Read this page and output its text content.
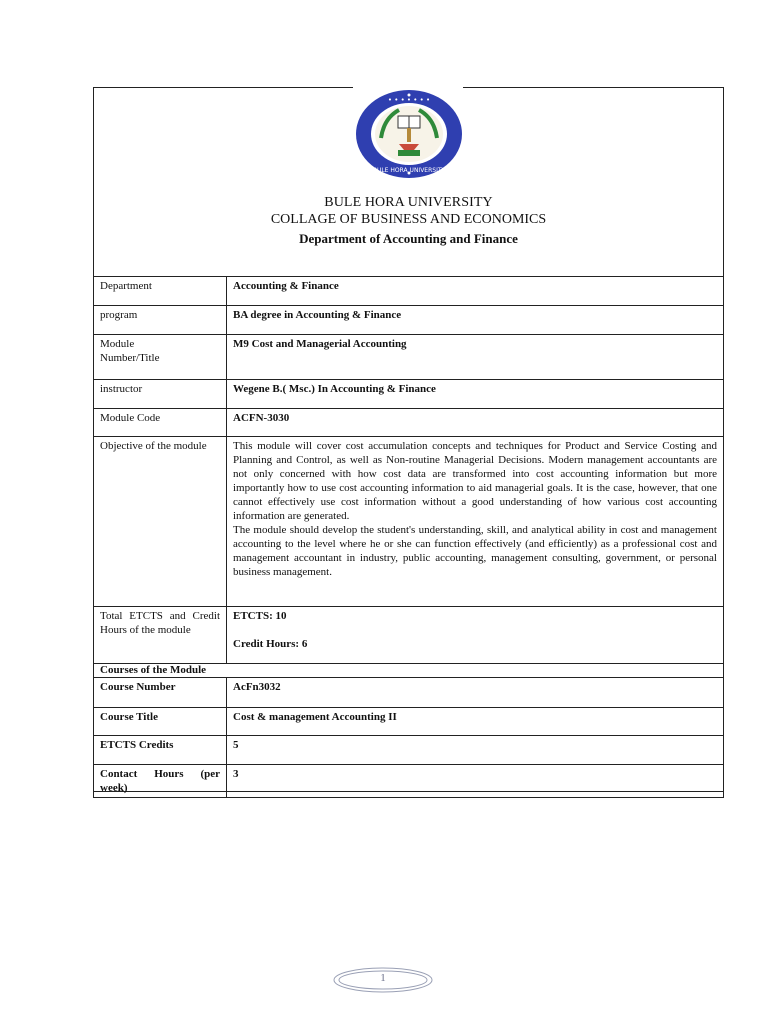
• • • • • • •
BULE HORA UNIVERSITY
BULE HORA UNIVERSITY
COLLAGE OF BUSINESS AND ECONOMICS
Department of Accounting and Finance
Department	Accounting & Finance
program	BA degree in Accounting & Finance

Module
Number/Title	M9 Cost and Managerial Accounting
instructor	Wegene B.( Msc.) In Accounting & Finance
Module Code	ACFN-3030
Objective of the module	This module will cover cost accumulation concepts and techniques for Product and Service Costing and Planning and Control, as well as Non-routine Managerial Decisions. Modern management accountants are not only concerned with how cost data are transformed into cost accounting information but more importantly how to use cost accounting information to aid managerial goals. It is the case, however, that one cannot effectively use cost information without a good understanding of how various cost accounting information are generated.
The module should develop the student's understanding, skill, and analytical ability in cost and management accounting to the level where he or she can function effectively (and efficiently) as a professional cost and management accountant in industry, public accounting, management consulting, government, or personal business management.

Total ETCTS and Credit Hours of the module	ETCTS: 10
Credit Hours: 6

Courses of the Module	
Course Number	AcFn3032
Course Title	Cost & management Accounting II
ETCTS Credits	5
Contact Hours (per week)	3
1
